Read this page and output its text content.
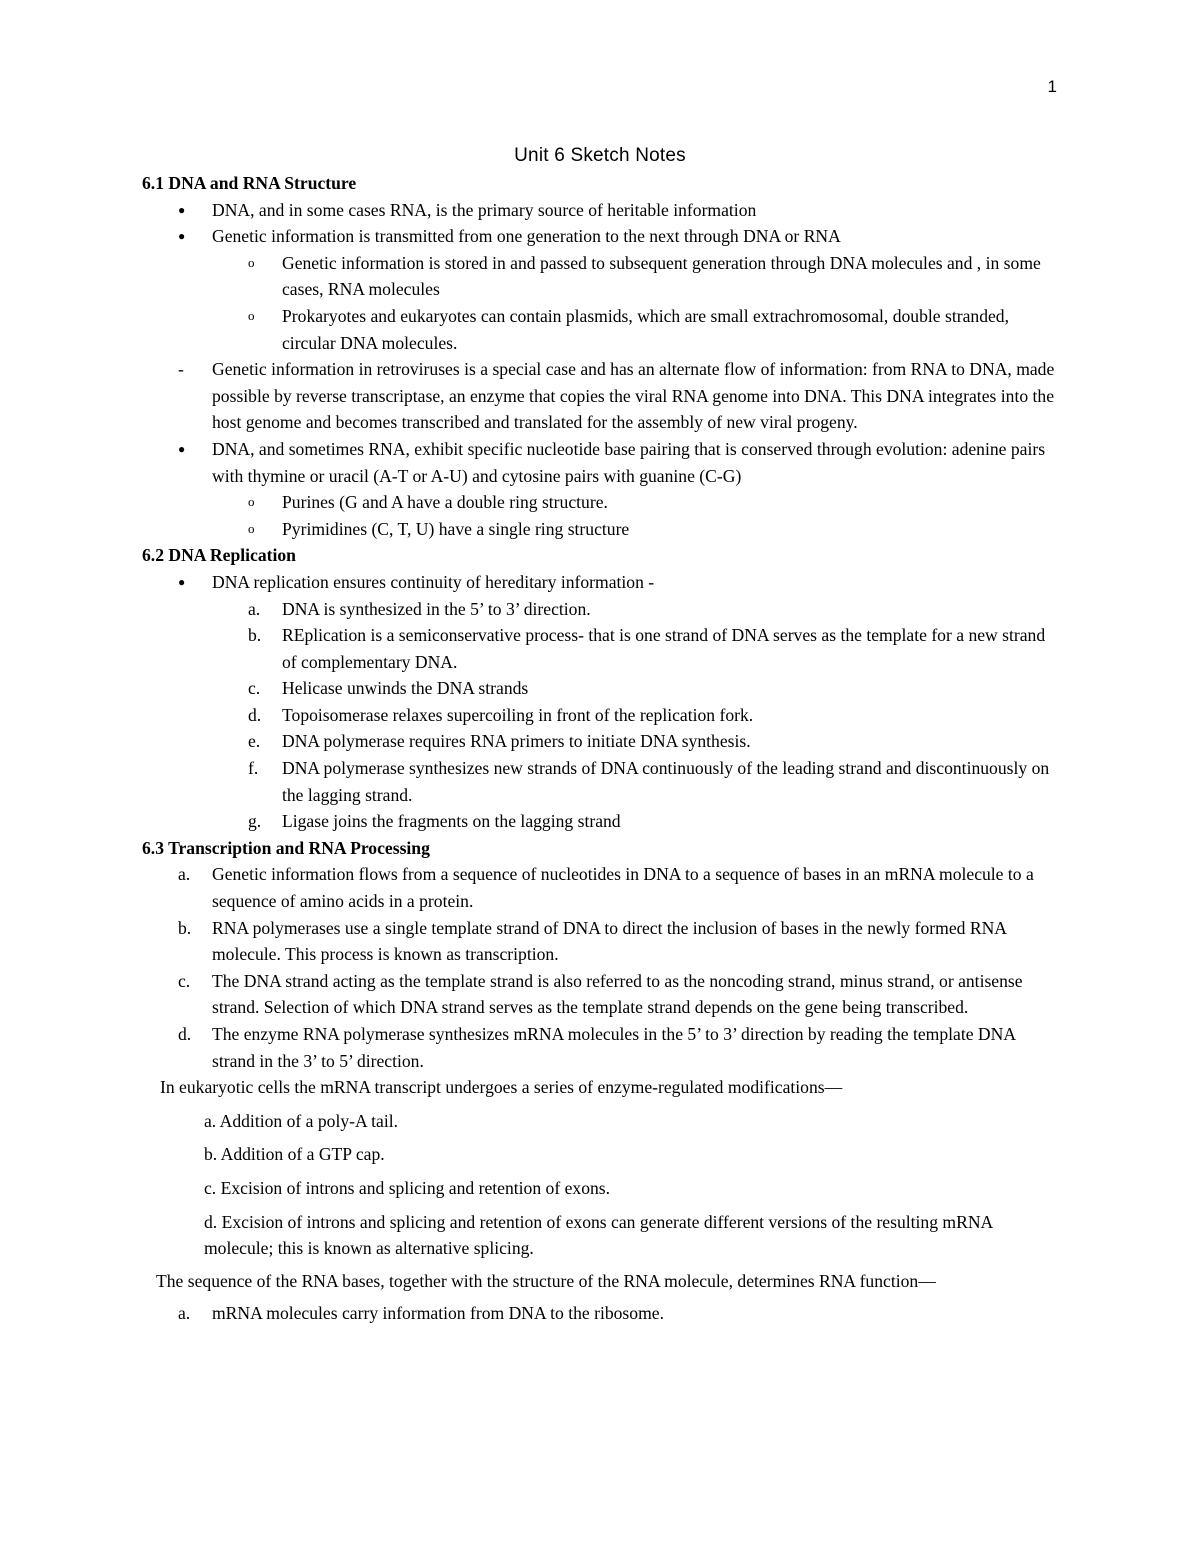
1
Unit 6 Sketch Notes

6.1 DNA and RNA Structure

● DNA, and in some cases RNA, is the primary source of heritable information
● Genetic information is transmitted from one generation to the next through DNA or RNA
o Genetic information is stored in and passed to subsequent generation through DNA molecules and , in some cases, RNA molecules
o Prokaryotes and eukaryotes can contain plasmids, which are small extrachromosomal, double stranded, circular DNA molecules.
- Genetic information in retroviruses is a special case and has an alternate flow of information: from RNA to DNA, made possible by reverse transcriptase, an enzyme that copies the viral RNA genome into DNA. This DNA integrates into the host genome and becomes transcribed and translated for the assembly of new viral progeny.
● DNA, and sometimes RNA, exhibit specific nucleotide base pairing that is conserved through evolution: adenine pairs with thymine or uracil (A-T or A-U) and cytosine pairs with guanine (C-G)
o Purines (G and A have a double ring structure.
o Pyrimidines (C, T, U) have a single ring structure

6.2 DNA Replication

● DNA replication ensures continuity of hereditary information -
a. DNA is synthesized in the 5’ to 3’ direction.
b. REplication is a semiconservative process- that is one strand of DNA serves as the template for a new strand of complementary DNA.
c. Helicase unwinds the DNA strands
d. Topoisomerase relaxes supercoiling in front of the replication fork.
e. DNA polymerase requires RNA primers to initiate DNA synthesis.
f. DNA polymerase synthesizes new strands of DNA continuously of the leading strand and discontinuously on the lagging strand.
g. Ligase joins the fragments on the lagging strand

6.3 Transcription and RNA Processing

a. Genetic information flows from a sequence of nucleotides in DNA to a sequence of bases in an mRNA molecule to a sequence of amino acids in a protein.
b. RNA polymerases use a single template strand of DNA to direct the inclusion of bases in the newly formed RNA molecule. This process is known as transcription.
c. The DNA strand acting as the template strand is also referred to as the noncoding strand, minus strand, or antisense strand. Selection of which DNA strand serves as the template strand depends on the gene being transcribed.
d. The enzyme RNA polymerase synthesizes mRNA molecules in the 5’ to 3’ direction by reading the template DNA strand in the 3’ to 5’ direction.

In eukaryotic cells the mRNA transcript undergoes a series of enzyme-regulated modifications—

a. Addition of a poly-A tail.
b. Addition of a GTP cap.
c. Excision of introns and splicing and retention of exons.
d. Excision of introns and splicing and retention of exons can generate different versions of the resulting mRNA molecule; this is known as alternative splicing.

The sequence of the RNA bases, together with the structure of the RNA molecule, determines RNA function—

a. mRNA molecules carry information from DNA to the ribosome.
